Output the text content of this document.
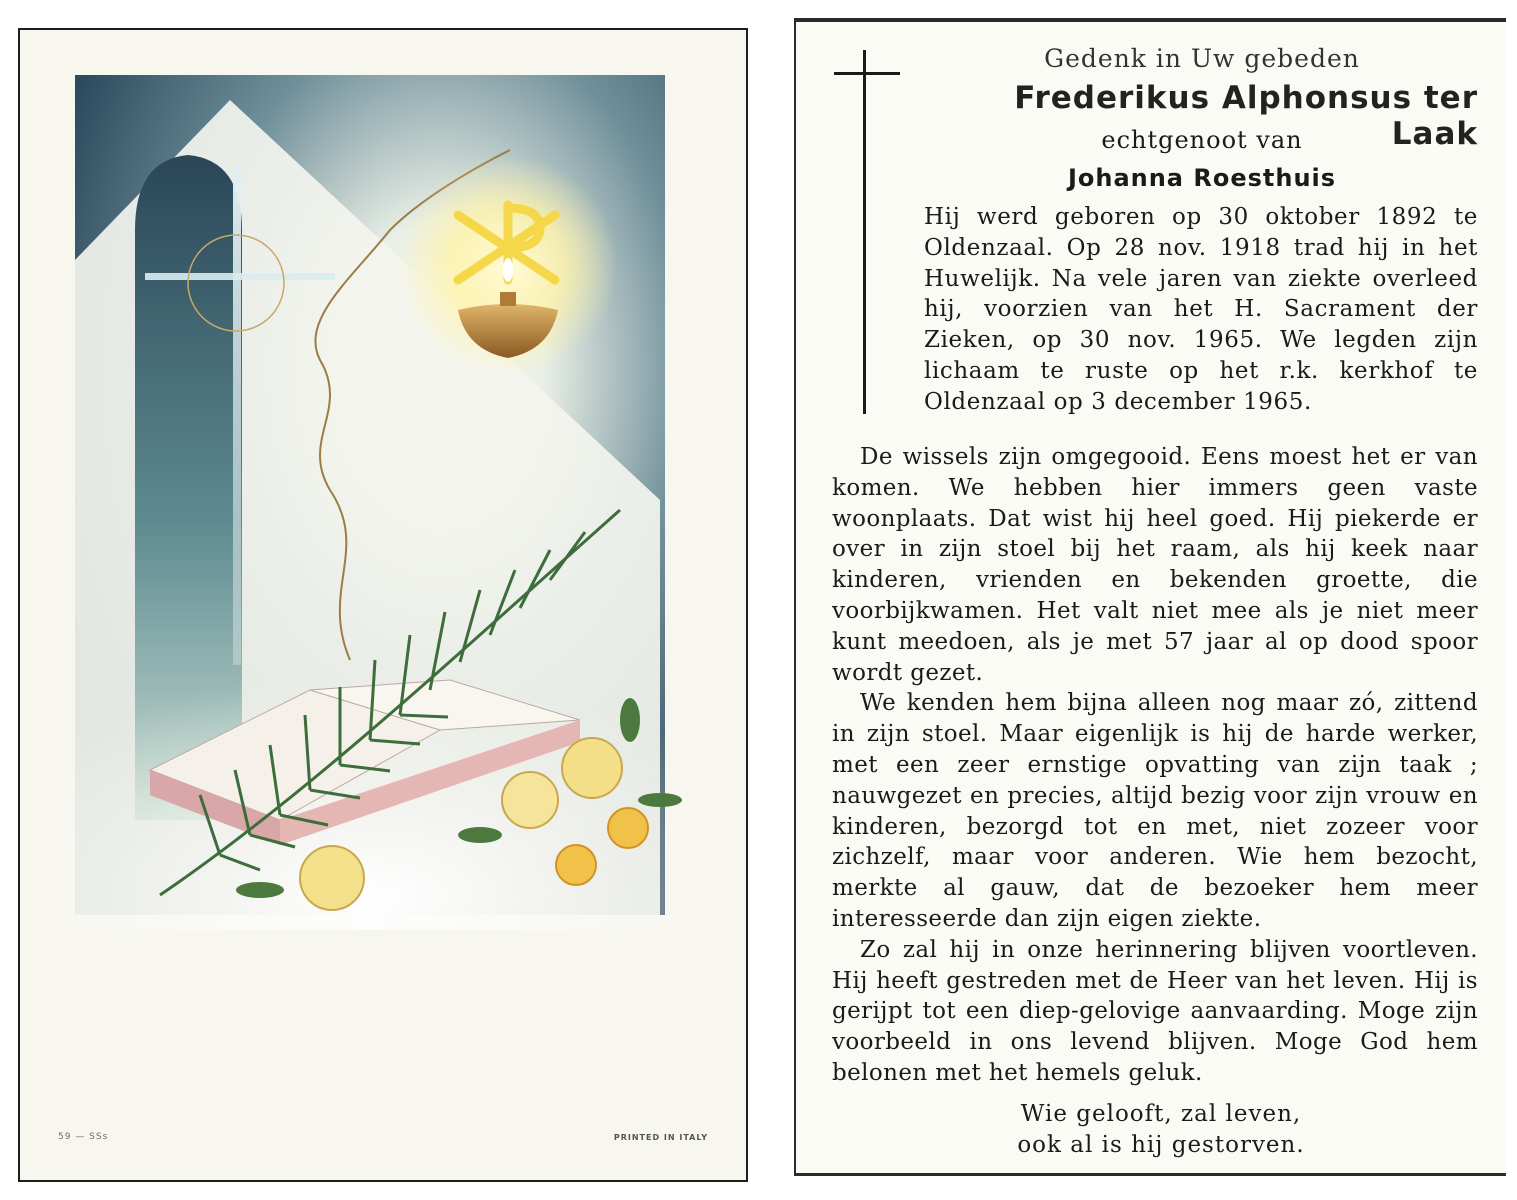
59 — SSs	PRINTED IN ITALY
Gedenk in Uw gebeden
Frederikus Alphonsus ter Laak
echtgenoot van
Johanna Roesthuis
Hij werd geboren op 30 oktober 1892 te Oldenzaal. Op 28 nov. 1918 trad hij in het Huwelijk. Na vele jaren van ziekte overleed hij, voorzien van het H. Sacrament der Zieken, op 30 nov. 1965. We legden zijn lichaam te ruste op het r.k. kerkhof te Oldenzaal op 3 december 1965.

De wissels zijn omgegooid. Eens moest het er van komen. We hebben hier immers geen vaste woonplaats. Dat wist hij heel goed. Hij piekerde er over in zijn stoel bij het raam, als hij keek naar kinderen, vrienden en bekenden groette, die voorbijkwamen. Het valt niet mee als je niet meer kunt meedoen, als je met 57 jaar al op dood spoor wordt gezet.

We kenden hem bijna alleen nog maar zó, zittend in zijn stoel. Maar eigenlijk is hij de harde werker, met een zeer ernstige opvatting van zijn taak ; nauwgezet en precies, altijd bezig voor zijn vrouw en kinderen, bezorgd tot en met, niet zozeer voor zichzelf, maar voor anderen. Wie hem bezocht, merkte al gauw, dat de bezoeker hem meer interesseerde dan zijn eigen ziekte.

Zo zal hij in onze herinnering blijven voortleven. Hij heeft gestreden met de Heer van het leven. Hij is gerijpt tot een diep-gelovige aanvaarding. Moge zijn voorbeeld in ons levend blijven. Moge God hem belonen met het hemels geluk.

Wie gelooft, zal leven,
ook al is hij gestorven.
